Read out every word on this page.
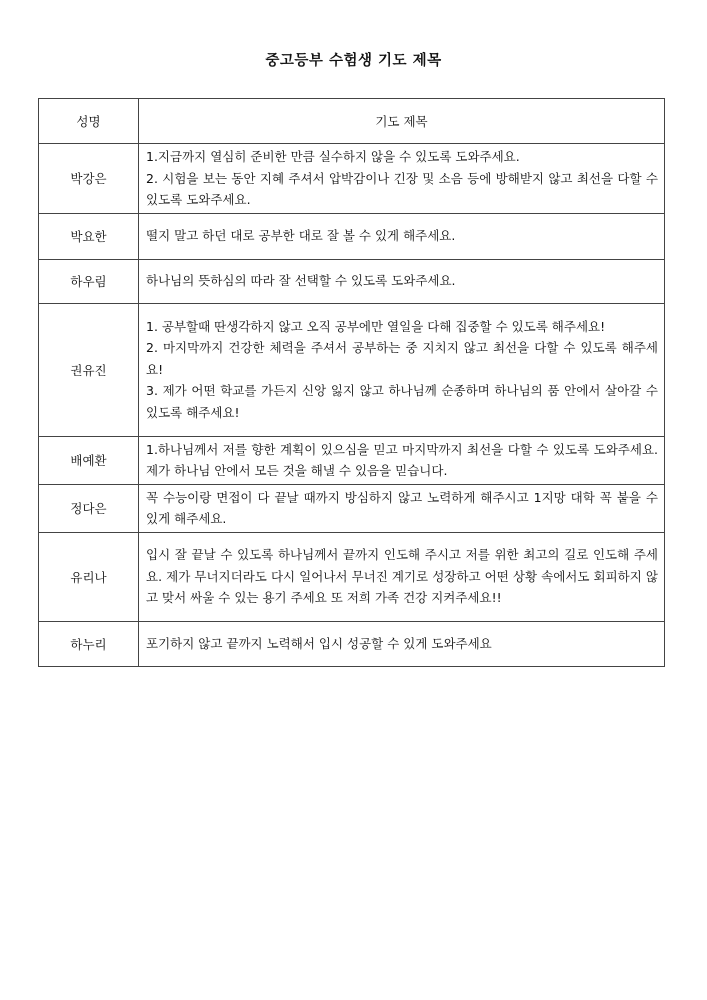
중고등부 수험생 기도 제목
성명	기도 제목
박강은	1.지금까지 열심히 준비한 만큼 실수하지 않을 수 있도록 도와주세요.
2. 시험을 보는 동안 지혜 주셔서 압박감이나 긴장 및 소음 등에 방해받지 않고 최선을 다할 수 있도록 도와주세요.

박요한	떨지 말고 하던 대로 공부한 대로 잘 볼 수 있게 해주세요.

하우림	하나님의 뜻하심의 따라 잘 선택할 수 있도록 도와주세요.

권유진	1. 공부할때 딴생각하지 않고 오직 공부에만 열일을 다해 집중할 수 있도록 해주세요!
2. 마지막까지 건강한 체력을 주셔서 공부하는 중 지치지 않고 최선을 다할 수 있도록 해주세요!
3. 제가 어떤 학교를 가든지 신앙 잃지 않고 하나님께 순종하며 하나님의 품 안에서 살아갈 수 있도록 해주세요!

배예환	1.하나님께서 저를 향한 계획이 있으심을 믿고 마지막까지 최선을 다할 수 있도록 도와주세요. 제가 하나님 안에서 모든 것을 해낼 수 있음을 믿습니다.

정다은	꼭 수능이랑 면접이 다 끝날 때까지 방심하지 않고 노력하게 해주시고 1지망 대학 꼭 붙을 수 있게 해주세요.

유리나	입시 잘 끝날 수 있도록 하나님께서 끝까지 인도해 주시고 저를 위한 최고의 길로 인도해 주세요. 제가 무너지더라도 다시 일어나서 무너진 계기로 성장하고 어떤 상황 속에서도 회피하지 않고 맞서 싸울 수 있는 용기 주세요 또 저희 가족 건강 지켜주세요!!

하누리	포기하지 않고 끝까지 노력해서 입시 성공할 수 있게 도와주세요
